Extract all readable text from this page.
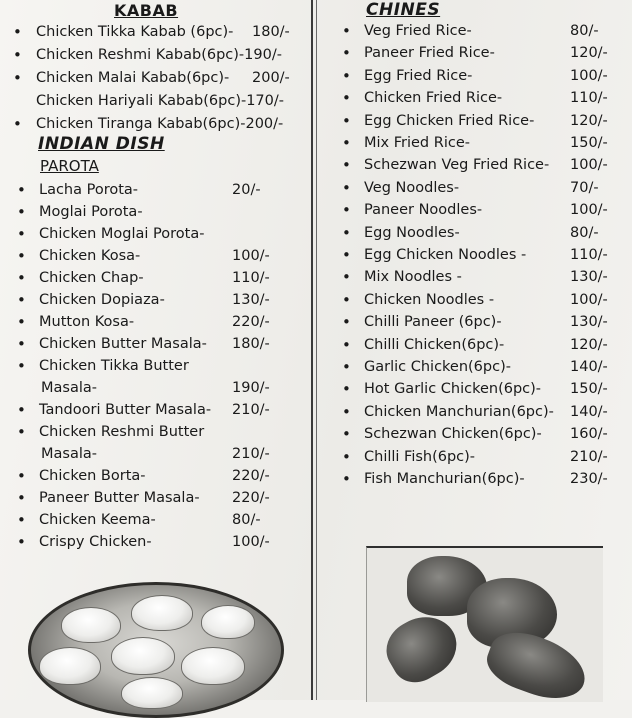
KABAB
INDIAN DISH
PAROTA
• Chicken Tikka Kabab (6pc)- 180/-
• Chicken Reshmi Kabab(6pc)-190/-
• Chicken Malai Kabab(6pc)- 200/-
Chicken Hariyali Kabab(6pc)-170/-
• Chicken Tiranga Kabab(6pc)-200/-
• Lacha Porota-	20/-
• Moglai Porota-
• Chicken Moglai Porota-
• Chicken Kosa-	100/-
• Chicken Chap-	110/-
• Chicken Dopiaza-	130/-
• Mutton Kosa-	220/-
• Chicken Butter Masala- 180/-
• Chicken Tikka Butter
Masala-	190/-
• Tandoori Butter Masala- 210/-
• Chicken Reshmi Butter
Masala-	210/-
• Chicken Borta-	220/-
• Paneer Butter Masala- 220/-
• Chicken Keema-	80/-
• Crispy Chicken-	100/-
CHINES
• Veg Fried Rice-	80/-
• Paneer Fried Rice-	120/-
• Egg Fried Rice-	100/-
• Chicken Fried Rice-	110/-
• Egg Chicken Fried Rice- 120/-
• Mix Fried Rice-	150/-
• Schezwan Veg Fried Rice- 100/-
• Veg Noodles-	70/-
• Paneer Noodles-	100/-
• Egg Noodles-	80/-
• Egg Chicken Noodles -	110/-
• Mix Noodles -	130/-
• Chicken Noodles -	100/-
• Chilli Paneer (6pc)-	130/-
• Chilli Chicken(6pc)-	120/-
• Garlic Chicken(6pc)-	140/-
• Hot Garlic Chicken(6pc)- 150/-
• Chicken Manchurian(6pc)- 140/-
• Schezwan Chicken(6pc)- 160/-
• Chilli Fish(6pc)-	210/-
• Fish Manchurian(6pc)-	230/-
